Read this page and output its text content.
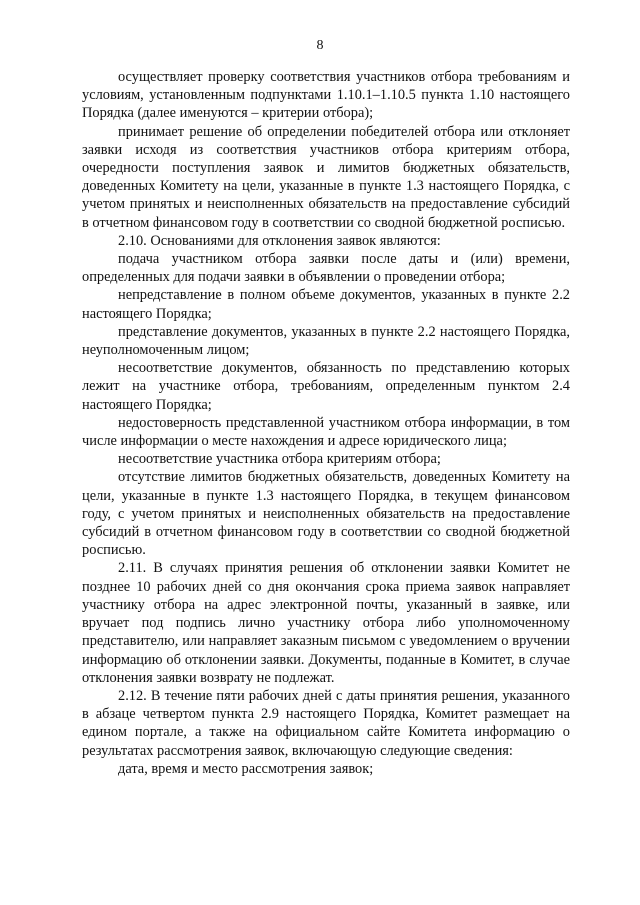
8

осуществляет проверку соответствия участников отбора требованиям и условиям, установленным подпунктами 1.10.1–1.10.5 пункта 1.10 настоящего Порядка (далее именуются – критерии отбора);

принимает решение об определении победителей отбора или отклоняет заявки исходя из соответствия участников отбора критериям отбора, очередности поступления заявок и лимитов бюджетных обязательств, доведенных Комитету на цели, указанные в пункте 1.3 настоящего Порядка, с учетом принятых и неисполненных обязательств на предоставление субсидий в отчетном финансовом году в соответствии со сводной бюджетной росписью.

2.10. Основаниями для отклонения заявок являются:

подача участником отбора заявки после даты и (или) времени, определенных для подачи заявки в объявлении о проведении отбора;

непредставление в полном объеме документов, указанных в пункте 2.2 настоящего Порядка;

представление документов, указанных в пункте 2.2 настоящего Порядка, неуполномоченным лицом;

несоответствие документов, обязанность по представлению которых лежит на участнике отбора, требованиям, определенным пунктом 2.4 настоящего Порядка;

недостоверность представленной участником отбора информации, в том числе информации о месте нахождения и адресе юридического лица;

несоответствие участника отбора критериям отбора;

отсутствие лимитов бюджетных обязательств, доведенных Комитету на цели, указанные в пункте 1.3 настоящего Порядка, в текущем финансовом году, с учетом принятых и неисполненных обязательств на предоставление субсидий в отчетном финансовом году в соответствии со сводной бюджетной росписью.

2.11. В случаях принятия решения об отклонении заявки Комитет не позднее 10 рабочих дней со дня окончания срока приема заявок направляет участнику отбора на адрес электронной почты, указанный в заявке, или вручает под подпись лично участнику отбора либо уполномоченному представителю, или направляет заказным письмом с уведомлением о вручении информацию об отклонении заявки. Документы, поданные в Комитет, в случае отклонения заявки возврату не подлежат.

2.12. В течение пяти рабочих дней с даты принятия решения, указанного в абзаце четвертом пункта 2.9 настоящего Порядка, Комитет размещает на едином портале, а также на официальном сайте Комитета информацию о результатах рассмотрения заявок, включающую следующие сведения:

дата, время и место рассмотрения заявок;
